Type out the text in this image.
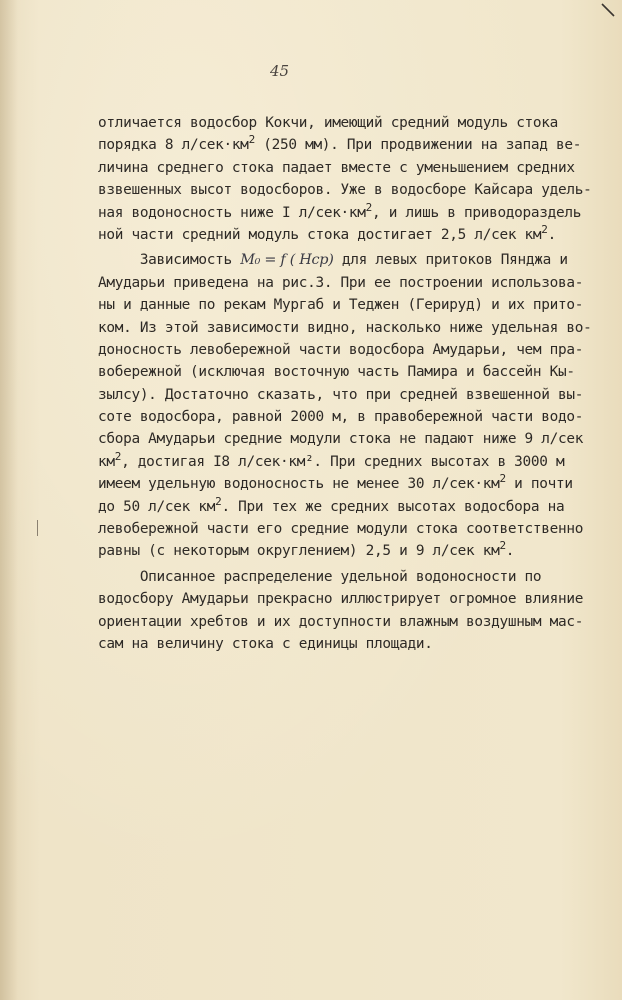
45
отличается водосбор Кокчи, имеющий средний модуль стока
порядка 8 $л/сек\cdot км^2$ (250 мм). При продвижении на запад ве-
личина среднего стока падает вместе с уменьшением средних
взвешенных высот водосборов. Уже в водосборе Кайсара удель-
ная водоносность ниже I $л/сек\cdot км^2$, и лишь в приводораздель
ной части средний модуль стока достигает 2,5 л/сек $км^2$.
Зависимость M₀ = f ( Hср) для левых притоков Пянджа и
Амударьи приведена на рис.3. При ее построении использова-
ны и данные по рекам Мургаб и Теджен (Герируд) и их прито-
ком. Из этой зависимости видно, насколько ниже удельная во-
доносность левобережной части водосбора Амударьи, чем пра-
вобережной (исключая восточную часть Памира и бассейн Кы-
зылсу). Достаточно сказать, что при средней взвешенной вы-
соте водосбора, равной 2000 м, в правобережной части водо-
сбора Амударьи средние модули стока не падают ниже 9 л/сек
$км^2$, достигая I8 л/сек·км². При средних высотах в 3000 м
имеем удельную водоносность не менее 30 $л/сек\cdot км^2$ и почти
до 50 л/сек $км^2$. При тех же средних высотах водосбора на
левобережной части его средние модули стока соответственно
равны (с некоторым округлением) 2,5 и 9 л/сек $км^2$.
Описанное распределение удельной водоносности по
водосбору Амударьи прекрасно иллюстрирует огромное влияние
ориентации хребтов и их доступности влажным воздушным мас-
сам на величину стока с единицы площади.
